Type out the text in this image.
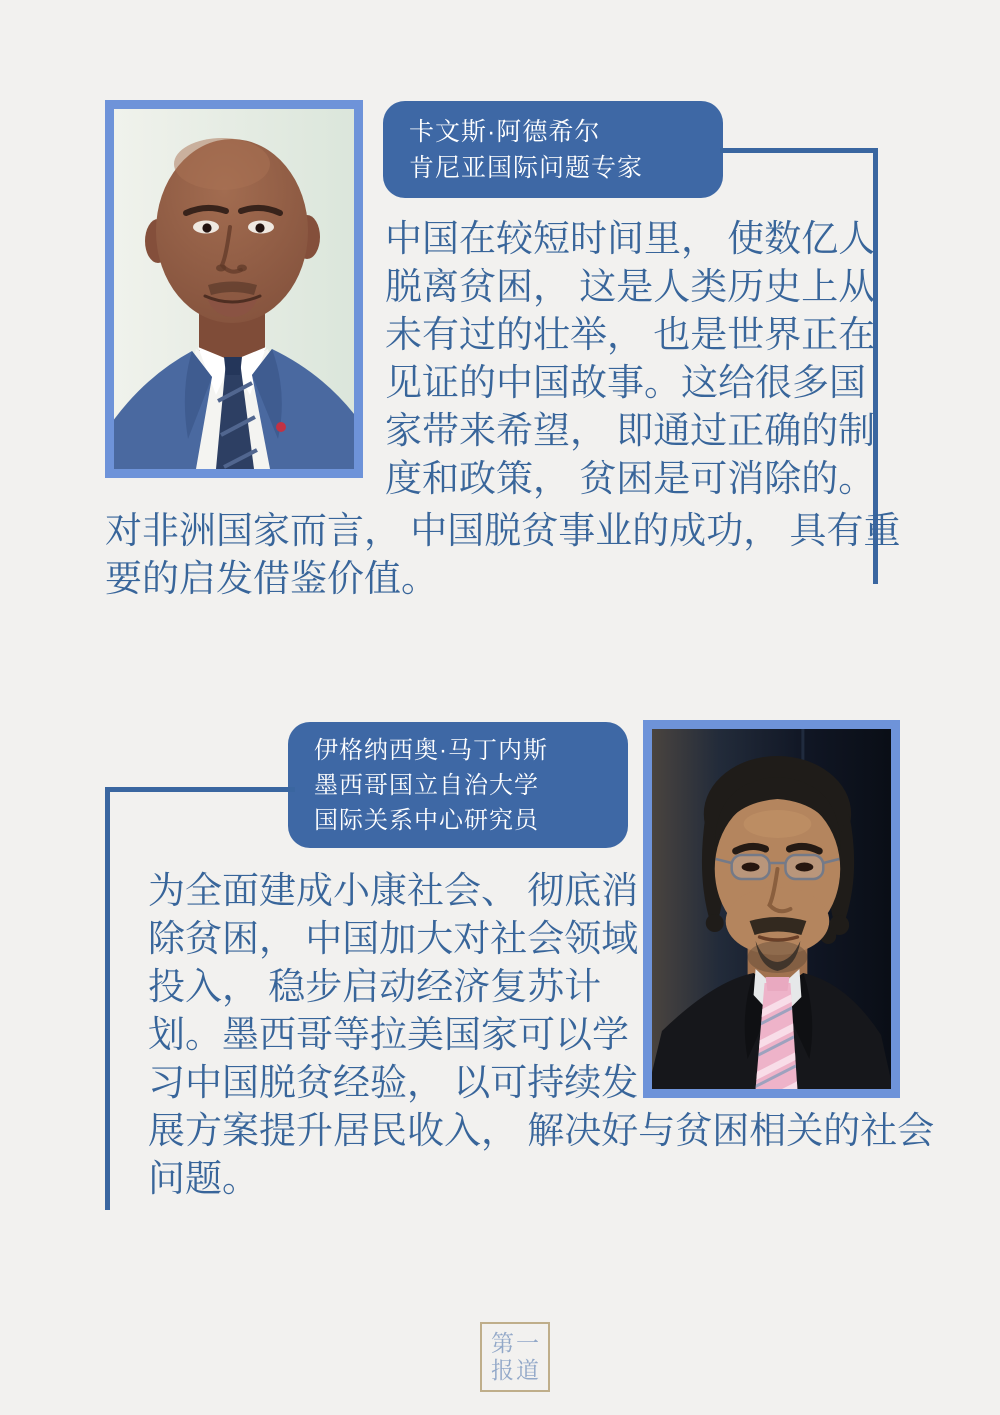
卡文斯·阿德希尔
肯尼亚国际问题专家
中国在较短时间里， 使数亿人
脱离贫困， 这是人类历史上从
未有过的壮举， 也是世界正在
见证的中国故事。这给很多国
家带来希望， 即通过正确的制
度和政策， 贫困是可消除的。
对非洲国家而言， 中国脱贫事业的成功， 具有重
要的启发借鉴价值。
伊格纳西奥·马丁内斯
墨西哥国立自治大学
国际关系中心研究员
为全面建成小康社会、 彻底消
除贫困， 中国加大对社会领域
投入， 稳步启动经济复苏计
划。墨西哥等拉美国家可以学
习中国脱贫经验， 以可持续发
展方案提升居民收入， 解决好与贫困相关的社会
问题。
第 一
报 道
